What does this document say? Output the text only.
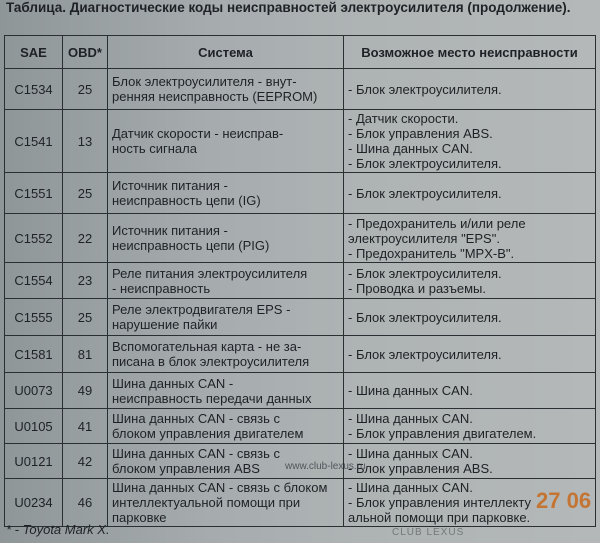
Таблица. Диагностические коды неисправностей электроусилителя (продолжение).
SAE	OBD*	Система	Возможное место неисправности
C1534	25	Блок электроусилителя - внут-
ренняя неисправность (EEPROM)	- Блок электроусилителя.

C1541	13	Датчик скорости - неисправ-
ность сигнала	- Датчик скорости.
- Блок управления ABS.
- Шина данных CAN.
- Блок электроусилителя.

C1551	25	Источник питания -
неисправность цепи (IG)	- Блок электроусилителя.

C1552	22	Источник питания -
неисправность цепи (PIG)	- Предохранитель и/или реле
электроусилителя "EPS".
- Предохранитель "MPX-B".

C1554	23	Реле питания электроусилителя
- неисправность	- Блок электроусилителя.
- Проводка и разъемы.

C1555	25	Реле электродвигателя EPS -
нарушение пайки	- Блок электроусилителя.

C1581	81	Вспомогательная карта - не за-
писана в блок электроусилителя	- Блок электроусилителя.

U0073	49	Шина данных CAN -
неисправность передачи данных	- Шина данных CAN.

U0105	41	Шина данных CAN - связь с
блоком управления двигателем	- Шина данных CAN.
- Блок управления двигателем.

U0121	42	Шина данных CAN - связь с
блоком управления ABS	- Шина данных CAN.
- Блок управления ABS.

U0234	46	Шина данных CAN - связь с блоком
интеллектуальной помощи при
парковке	- Шина данных CAN.
- Блок управления интеллекту
альной помощи при парковке.
www.club-lexus.ru
CLUB LEXUS
27 06
* - Toyota Mark X.
